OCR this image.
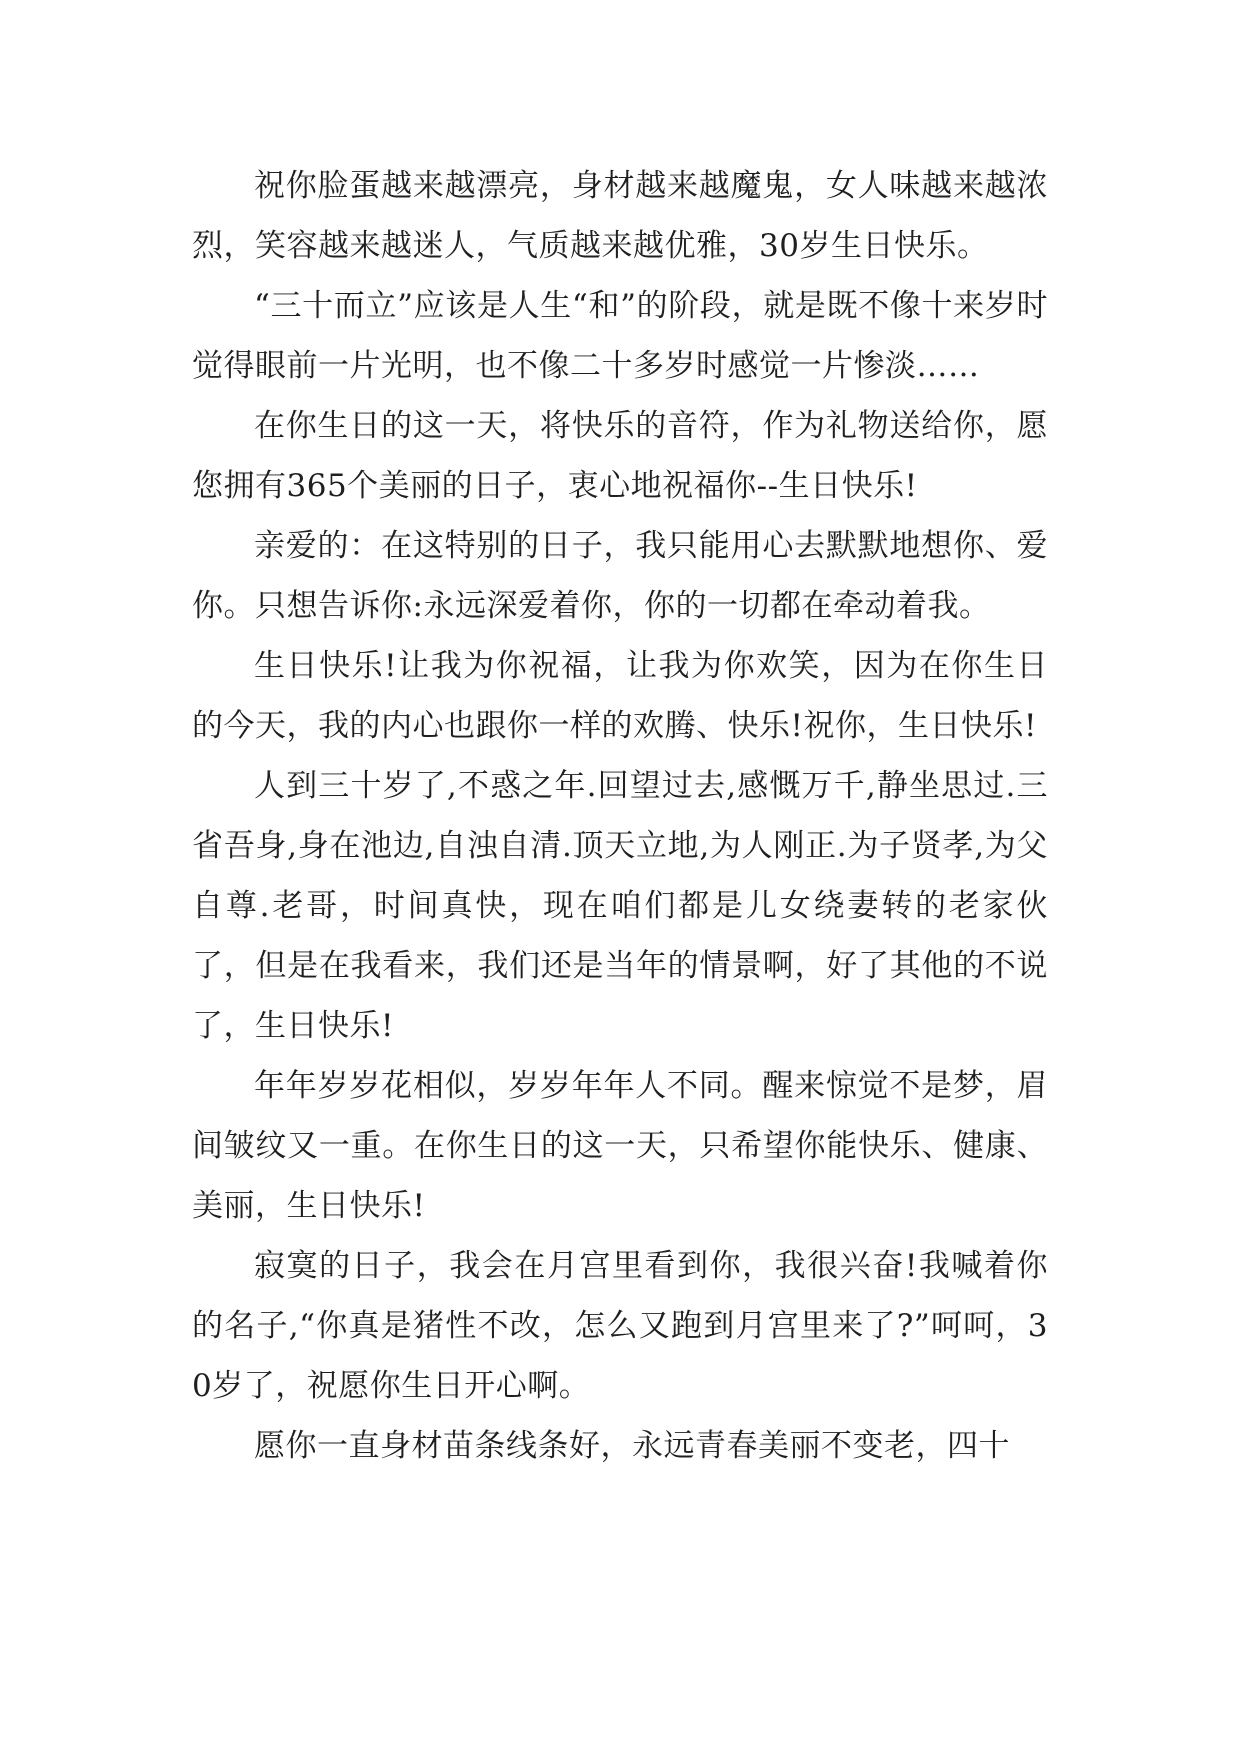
祝你脸蛋越来越漂亮，身材越来越魔鬼，女人味越来越浓烈，笑容越来越迷人，气质越来越优雅，30岁生日快乐。

“三十而立”应该是人生“和”的阶段，就是既不像十来岁时觉得眼前一片光明，也不像二十多岁时感觉一片惨淡……

在你生日的这一天，将快乐的音符，作为礼物送给你，愿您拥有365个美丽的日子，衷心地祝福你--生日快乐!

亲爱的：在这特别的日子，我只能用心去默默地想你、爱你。只想告诉你:永远深爱着你，你的一切都在牵动着我。

生日快乐!让我为你祝福，让我为你欢笑，因为在你生日的今天，我的内心也跟你一样的欢腾、快乐!祝你，生日快乐!

人到三十岁了,不惑之年.回望过去,感慨万千,静坐思过.三省吾身,身在池边,自浊自清.顶天立地,为人刚正.为子贤孝,为父自尊.老哥，时间真快，现在咱们都是儿女绕妻转的老家伙了，但是在我看来，我们还是当年的情景啊，好了其他的不说了，生日快乐!

年年岁岁花相似，岁岁年年人不同。醒来惊觉不是梦，眉间皱纹又一重。在你生日的这一天，只希望你能快乐、健康、美丽，生日快乐!

寂寞的日子，我会在月宫里看到你，我很兴奋!我喊着你的名子,“你真是猪性不改，怎么又跑到月宫里来了?”呵呵，30岁了，祝愿你生日开心啊。

愿你一直身材苗条线条好，永远青春美丽不变老，四十
